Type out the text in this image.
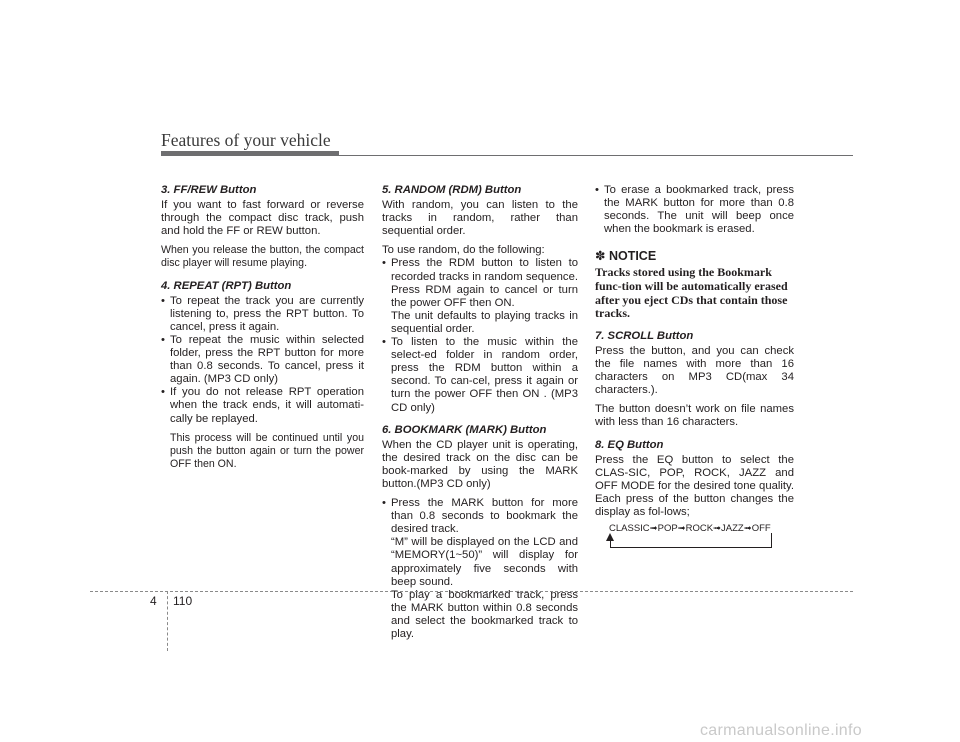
Features of your vehicle

3. FF/REW Button

If you want to fast forward or reverse through the compact disc track, push and hold the FF or REW button.

When you release the button, the compact disc player will resume playing.

4. REPEAT (RPT) Button

• To repeat the track you are currently listening to, press the RPT button. To cancel, press it again.
• To repeat the music within selected folder, press the RPT button for more than 0.8 seconds. To cancel, press it again. (MP3 CD only)
• If you do not release RPT operation when the track ends, it will automati-cally be replayed.

This process will be continued until you push the button again or turn the power OFF then ON.

5. RANDOM (RDM) Button

With random, you can listen to the tracks in random, rather than sequential order.

To use random, do the following:

• Press the RDM button to listen to recorded tracks in random sequence. Press RDM again to cancel or turn the power OFF then ON.

The unit defaults to playing tracks in sequential order.

• To listen to the music within the select-ed folder in random order, press the RDM button within a second. To can-cel, press it again or turn the power OFF then ON . (MP3 CD only)

6. BOOKMARK (MARK) Button

When the CD player unit is operating, the desired track on the disc can be book-marked by using the MARK button.(MP3 CD only)

• Press the MARK button for more than 0.8 seconds to bookmark the desired track.

“M” will be displayed on the LCD and “MEMORY(1~50)” will display for approximately five seconds with beep sound.

To play a bookmarked track, press the MARK button within 0.8 seconds and select the bookmarked track to play.

• To erase a bookmarked track, press the MARK button for more than 0.8 seconds. The unit will beep once when the bookmark is erased.

✽ NOTICE

Tracks stored using the Bookmark func-tion will be automatically erased after you eject CDs that contain those tracks.

7. SCROLL Button

Press the button, and you can check the file names with more than 16 characters on MP3 CD(max 34 characters.).

The button doesn’t work on file names with less than 16 characters.

8. EQ Button

Press the EQ button to select the CLAS-SIC, POP, ROCK, JAZZ and OFF MODE for the desired tone quality. Each press of the button changes the display as fol-lows;

CLASSIC➟POP➟ROCK➟JAZZ➟OFF
4 110
carmanualsonline.info
